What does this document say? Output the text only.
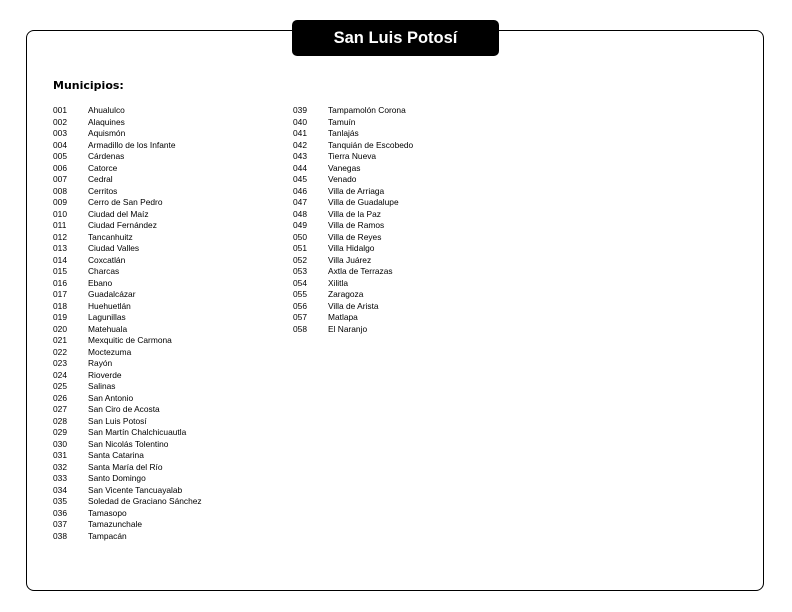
San Luis Potosí
Municipios:
001	Ahualulco
002	Alaquines
003	Aquismón
004	Armadillo de los Infante
005	Cárdenas
006	Catorce
007	Cedral
008	Cerritos
009	Cerro de San Pedro
010	Ciudad del Maíz
011	Ciudad Fernández
012	Tancanhuitz
013	Ciudad Valles
014	Coxcatlán
015	Charcas
016	Ebano
017	Guadalcázar
018	Huehuetlán
019	Lagunillas
020	Matehuala
021	Mexquitic de Carmona
022	Moctezuma
023	Rayón
024	Rioverde
025	Salinas
026	San Antonio
027	San Ciro de Acosta
028	San Luis Potosí
029	San Martín Chalchicuautla
030	San Nicolás Tolentino
031	Santa Catarina
032	Santa María del Río
033	Santo Domingo
034	San Vicente Tancuayalab
035	Soledad de Graciano Sánchez
036	Tamasopo
037	Tamazunchale
038	Tampacán
039	Tampamolón Corona
040	Tamuín
041	Tanlajás
042	Tanquián de Escobedo
043	Tierra Nueva
044	Vanegas
045	Venado
046	Villa de Arriaga
047	Villa de Guadalupe
048	Villa de la Paz
049	Villa de Ramos
050	Villa de Reyes
051	Villa Hidalgo
052	Villa Juárez
053	Axtla de Terrazas
054	Xilitla
055	Zaragoza
056	Villa de Arista
057	Matlapa
058	El Naranjo
